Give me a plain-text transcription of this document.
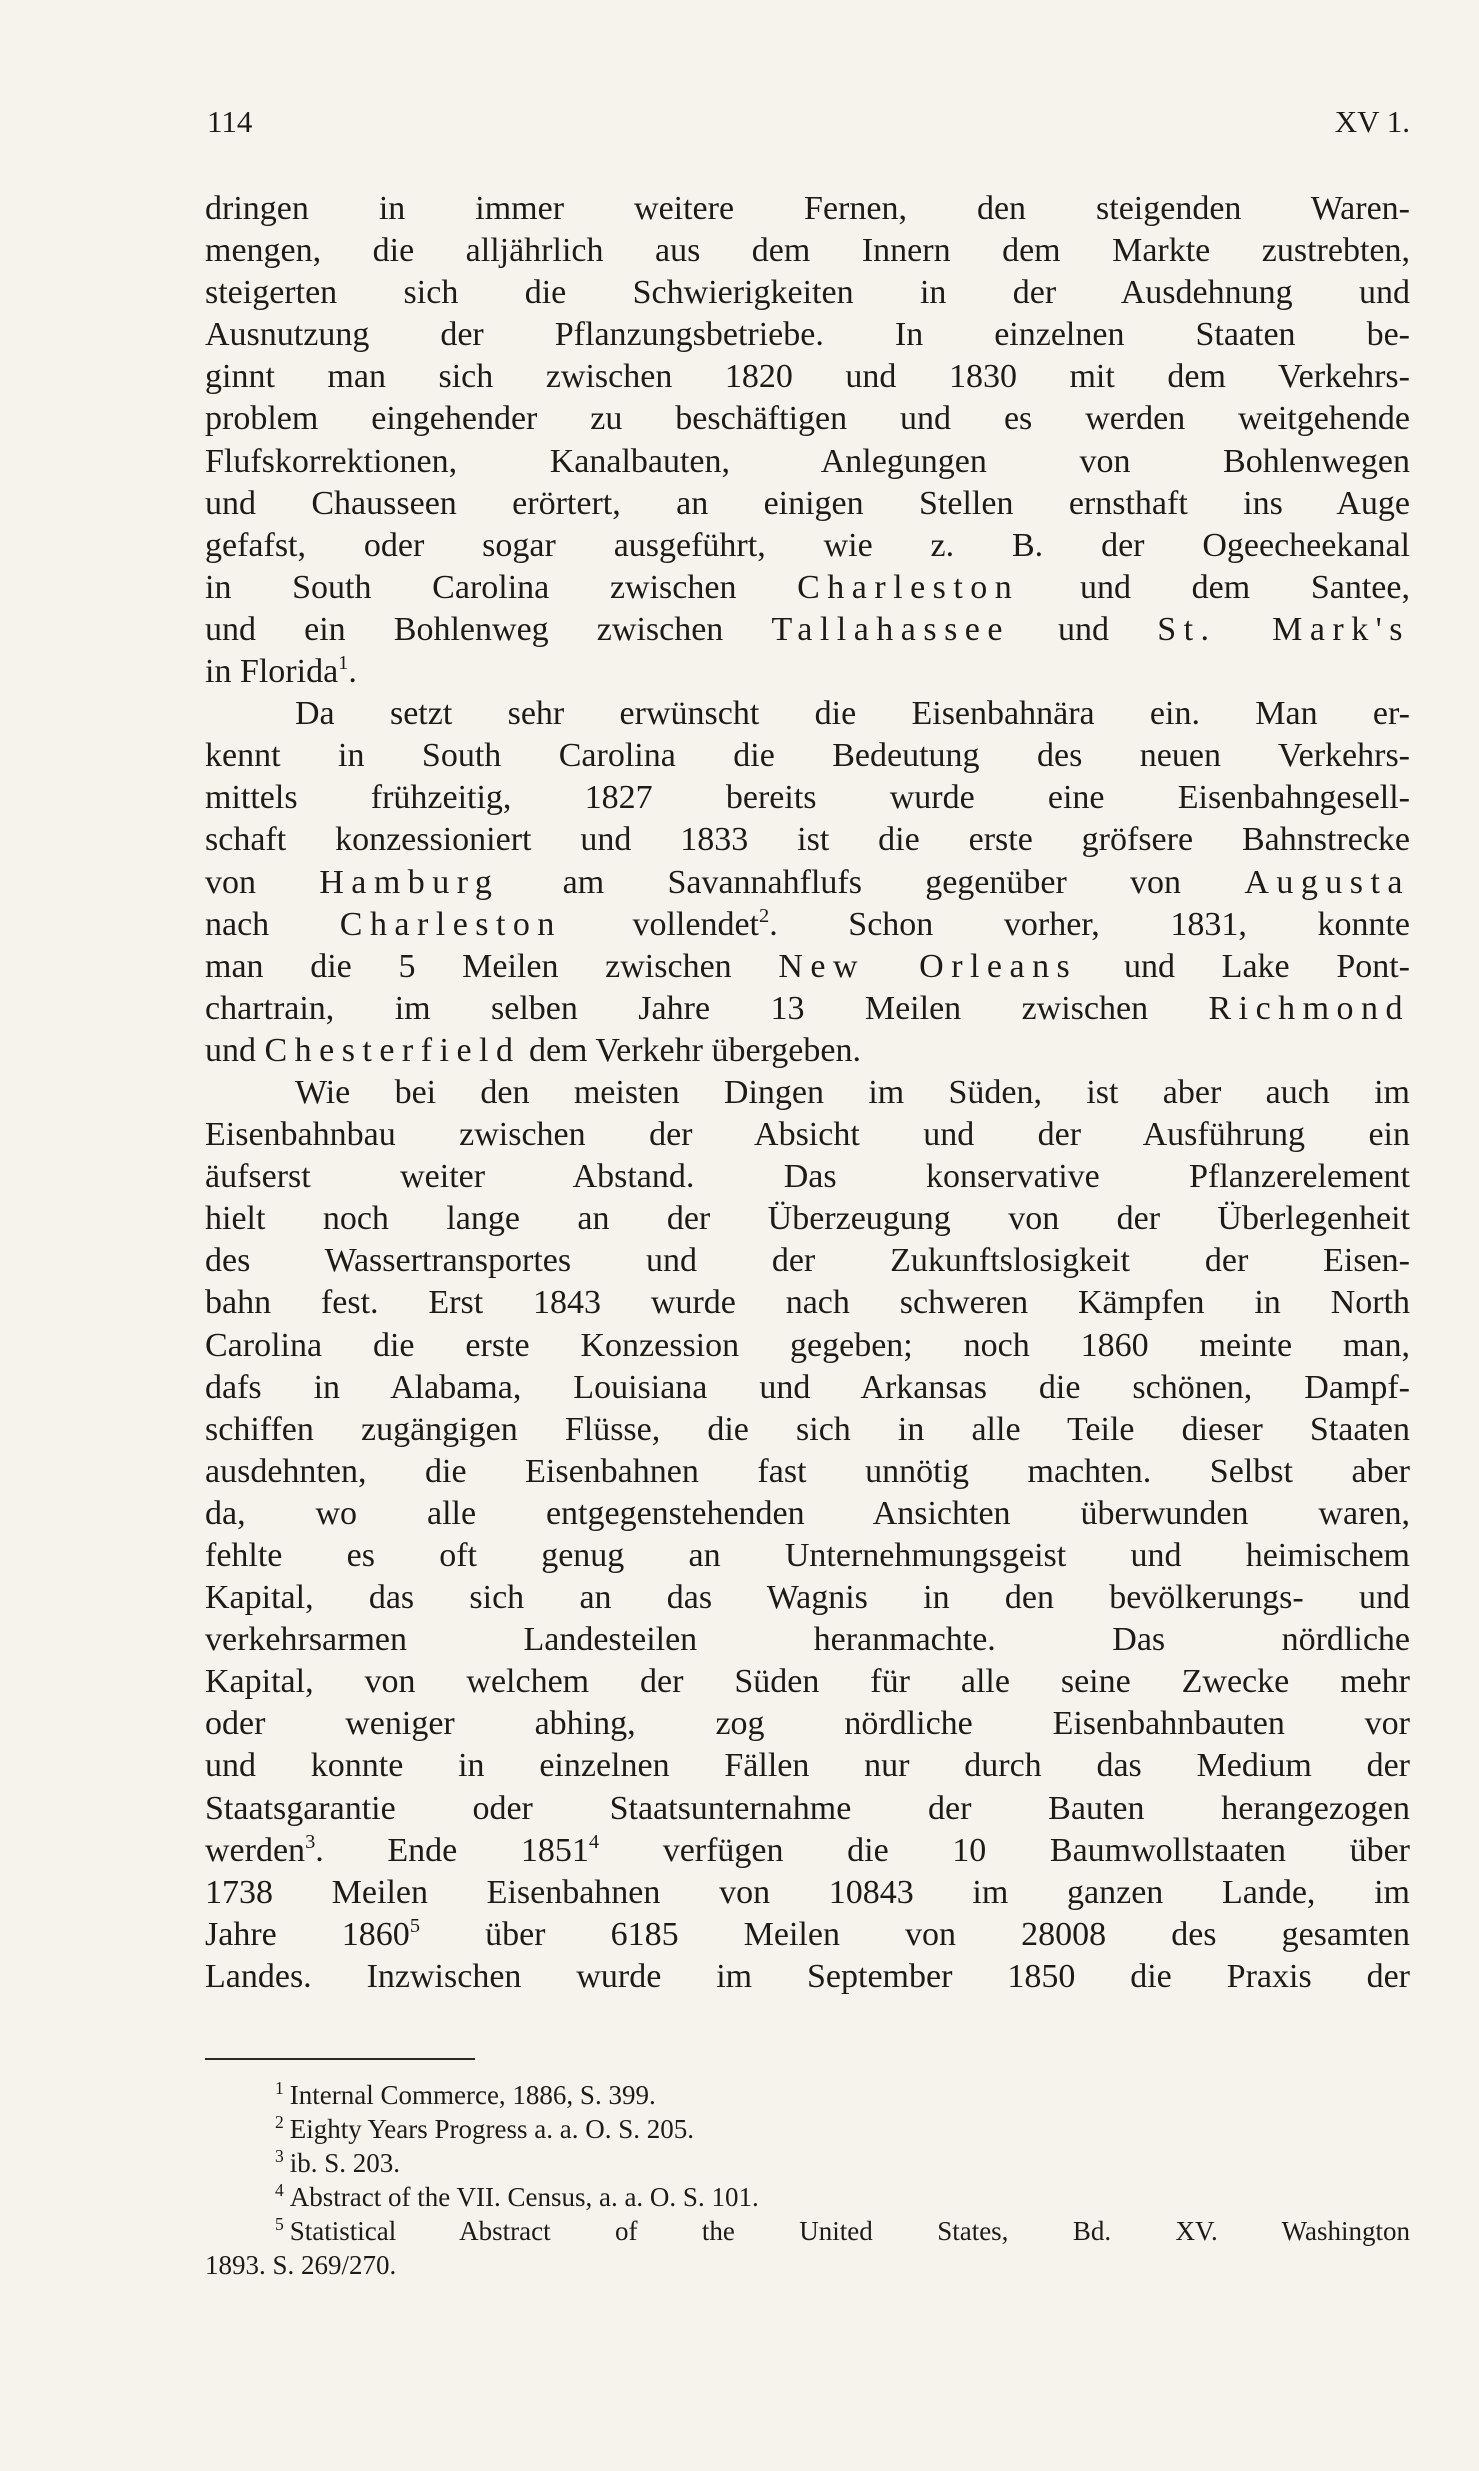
114	XV 1.
dringen in immer weitere Fernen, den steigenden Waren-
mengen, die alljährlich aus dem Innern dem Markte zustrebten,
steigerten sich die Schwierigkeiten in der Ausdehnung und
Ausnutzung der Pflanzungsbetriebe. In einzelnen Staaten be-
ginnt man sich zwischen 1820 und 1830 mit dem Verkehrs-
problem eingehender zu beschäftigen und es werden weitgehende
Flufskorrektionen, Kanalbauten, Anlegungen von Bohlenwegen
und Chausseen erörtert, an einigen Stellen ernsthaft ins Auge
gefafst, oder sogar ausgeführt, wie z. B. der Ogeecheekanal
in South Carolina zwischen Charleston und dem Santee,
und ein Bohlenweg zwischen Tallahassee und St. Mark's
in Florida$^1$.
Da setzt sehr erwünscht die Eisenbahnära ein. Man er-
kennt in South Carolina die Bedeutung des neuen Verkehrs-
mittels frühzeitig, 1827 bereits wurde eine Eisenbahngesell-
schaft konzessioniert und 1833 ist die erste gröfsere Bahnstrecke
von Hamburg am Savannahflufs gegenüber von Augusta
nach Charleston vollendet$^2$. Schon vorher, 1831, konnte
man die 5 Meilen zwischen New Orleans und Lake Pont-
chartrain, im selben Jahre 13 Meilen zwischen Richmond
und Chesterfield dem Verkehr übergeben.
Wie bei den meisten Dingen im Süden, ist aber auch im
Eisenbahnbau zwischen der Absicht und der Ausführung ein
äufserst weiter Abstand. Das konservative Pflanzerelement
hielt noch lange an der Überzeugung von der Überlegenheit
des Wassertransportes und der Zukunftslosigkeit der Eisen-
bahn fest. Erst 1843 wurde nach schweren Kämpfen in North
Carolina die erste Konzession gegeben; noch 1860 meinte man,
dafs in Alabama, Louisiana und Arkansas die schönen, Dampf-
schiffen zugängigen Flüsse, die sich in alle Teile dieser Staaten
ausdehnten, die Eisenbahnen fast unnötig machten. Selbst aber
da, wo alle entgegenstehenden Ansichten überwunden waren,
fehlte es oft genug an Unternehmungsgeist und heimischem
Kapital, das sich an das Wagnis in den bevölkerungs- und
verkehrsarmen Landesteilen heranmachte. Das nördliche
Kapital, von welchem der Süden für alle seine Zwecke mehr
oder weniger abhing, zog nördliche Eisenbahnbauten vor
und konnte in einzelnen Fällen nur durch das Medium der
Staatsgarantie oder Staatsunternahme der Bauten herangezogen
werden$^3$. Ende 1851$^4$ verfügen die 10 Baumwollstaaten über
1738 Meilen Eisenbahnen von 10843 im ganzen Lande, im
Jahre 1860$^5$ über 6185 Meilen von 28008 des gesamten
Landes. Inzwischen wurde im September 1850 die Praxis der
$^1$ Internal Commerce, 1886, S. 399.
$^2$ Eighty Years Progress a. a. O. S. 205.
$^3$ ib. S. 203.
$^4$ Abstract of the VII. Census, a. a. O. S. 101.
$^5$ Statistical Abstract of the United States, Bd. XV. Washington
1893. S. 269/270.
